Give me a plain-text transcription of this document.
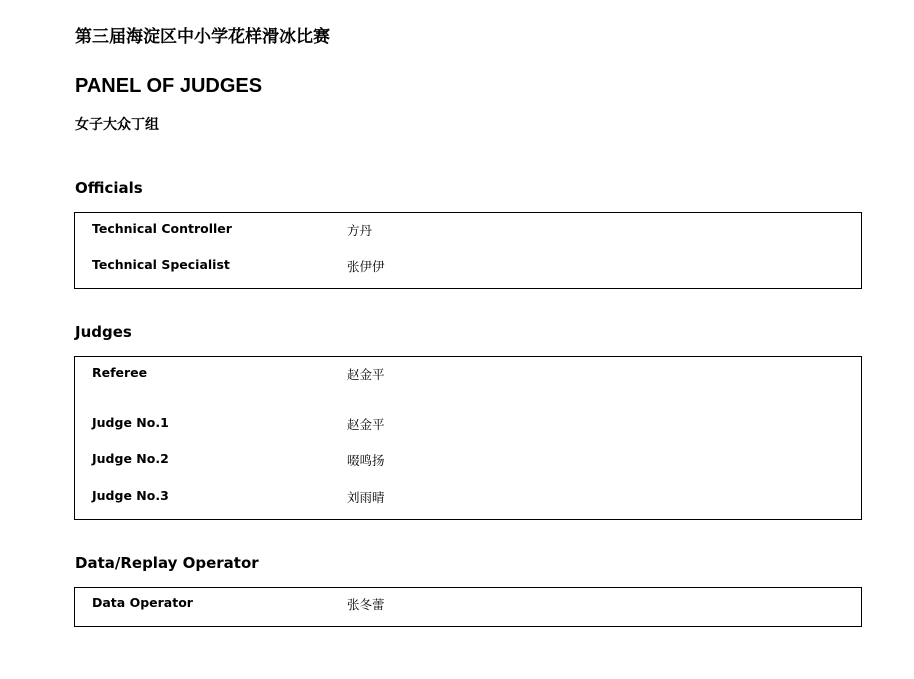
第三届海淀区中小学花样滑冰比赛
PANEL OF JUDGES
女子大众丁组
Officials
Technical Controller	方丹
Technical Specialist	张伊伊
Judges
Referee	赵金平
Judge No.1	赵金平
Judge No.2	啜鸣扬
Judge No.3	刘雨晴
Data/Replay Operator
Data Operator	张冬蕾
